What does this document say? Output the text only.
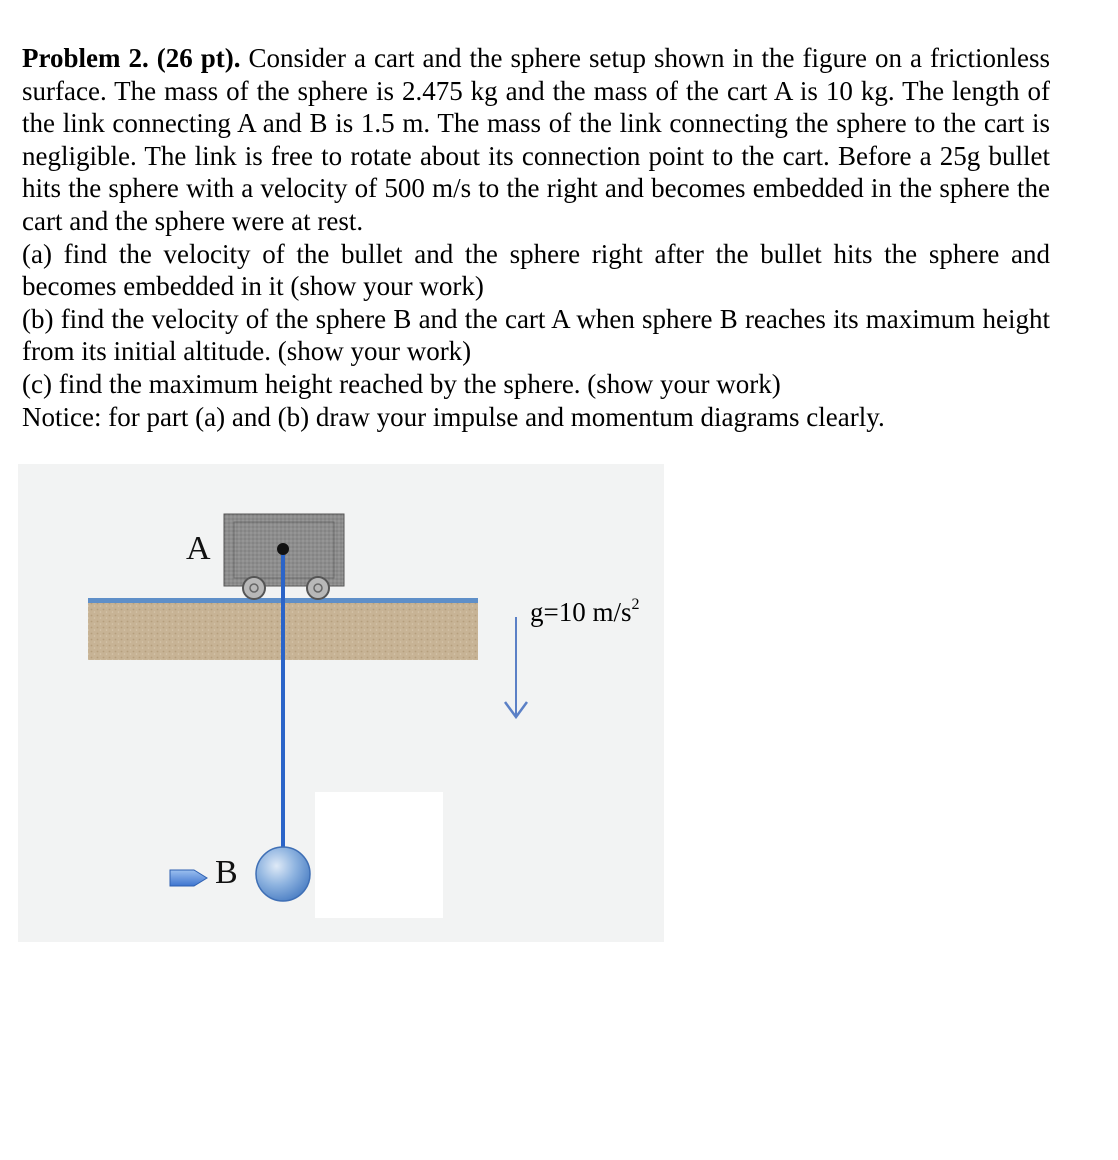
Problem 2. (26 pt). Consider a cart and the sphere setup shown in the figure on a frictionless surface. The mass of the sphere is 2.475 kg and the mass of the cart A is 10 kg. The length of the link connecting A and B is 1.5 m. The mass of the link connecting the sphere to the cart is negligible. The link is free to rotate about its connection point to the cart. Before a 25g bullet hits the sphere with a velocity of 500 m/s to the right and becomes embedded in the sphere the cart and the sphere were at rest.

(a) find the velocity of the bullet and the sphere right after the bullet hits the sphere and becomes embedded in it (show your work)

(b) find the velocity of the sphere B and the cart A when sphere B reaches its maximum height from its initial altitude. (show your work)

(c) find the maximum height reached by the sphere. (show your work)

Notice: for part (a) and (b) draw your impulse and momentum diagrams clearly.

A
B
g=10 $m/s^2$
